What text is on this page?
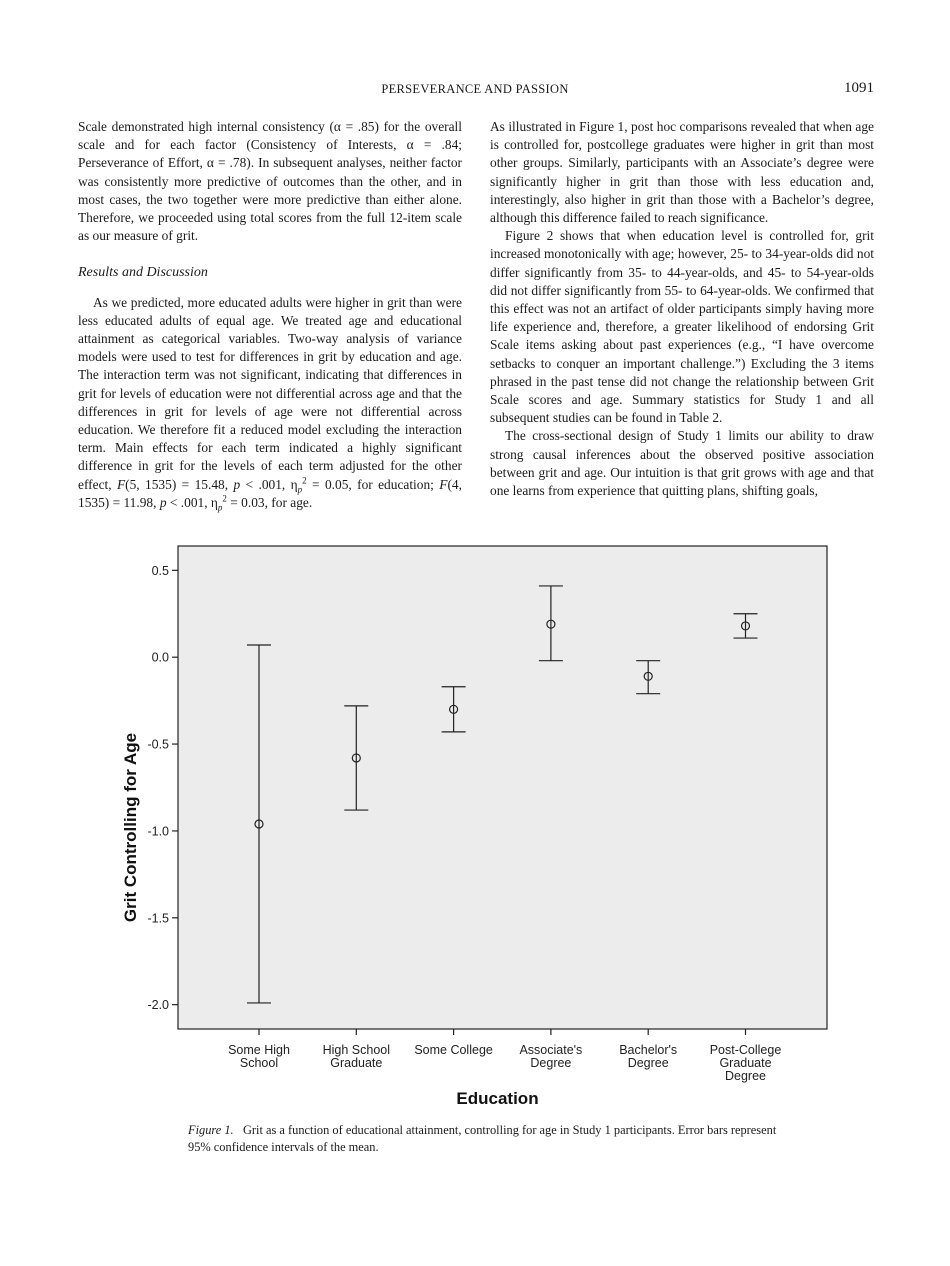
PERSEVERANCE AND PASSION	1091

Scale demonstrated high internal consistency (α = .85) for the overall scale and for each factor (Consistency of Interests, α = .84; Perseverance of Effort, α = .78). In subsequent analyses, neither factor was consistently more predictive of outcomes than the other, and in most cases, the two together were more predictive than either alone. Therefore, we proceeded using total scores from the full 12-item scale as our measure of grit.

Results and Discussion

As we predicted, more educated adults were higher in grit than were less educated adults of equal age. We treated age and educational attainment as categorical variables. Two-way analysis of variance models were used to test for differences in grit by education and age. The interaction term was not significant, indicating that differences in grit for levels of education were not differential across age and that the differences in grit for levels of age were not differential across education. We therefore fit a reduced model excluding the interaction term. Main effects for each term indicated a highly significant difference in grit for the levels of each term adjusted for the other effect, F(5, 1535) = 15.48, p < .001, $\eta_p^2 = 0.05$, for education; F(4, 1535) = 11.98, p < .001, $\eta_p^2 = 0.03$, for age.

As illustrated in Figure 1, post hoc comparisons revealed that when age is controlled for, postcollege graduates were higher in grit than most other groups. Similarly, participants with an Associate’s degree were significantly higher in grit than those with less education and, interestingly, also higher in grit than those with a Bachelor’s degree, although this difference failed to reach significance.

Figure 2 shows that when education level is controlled for, grit increased monotonically with age; however, 25- to 34-year-olds did not differ significantly from 35- to 44-year-olds, and 45- to 54-year-olds did not differ significantly from 55- to 64-year-olds. We confirmed that this effect was not an artifact of older participants simply having more life experience and, therefore, a greater likelihood of endorsing Grit Scale items asking about past experiences (e.g., “I have overcome setbacks to conquer an important challenge.”) Excluding the 3 items phrased in the past tense did not change the relationship between Grit Scale scores and age. Summary statistics for Study 1 and all subsequent studies can be found in Table 2.

The cross-sectional design of Study 1 limits our ability to draw strong causal inferences about the observed positive association between grit and age. Our intuition is that grit grows with age and that one learns from experience that quitting plans, shifting goals,

0.5
0.0
-0.5
-1.0
-1.5
-2.0
Some High School
High School Graduate
Some College Associate's Degree
Bachelor's Degree
Post-College Graduate Degree
Education
Grit Controlling for Age
Figure 1. Grit as a function of educational attainment, controlling for age in Study 1 participants. Error bars represent 95% confidence intervals of the mean.
